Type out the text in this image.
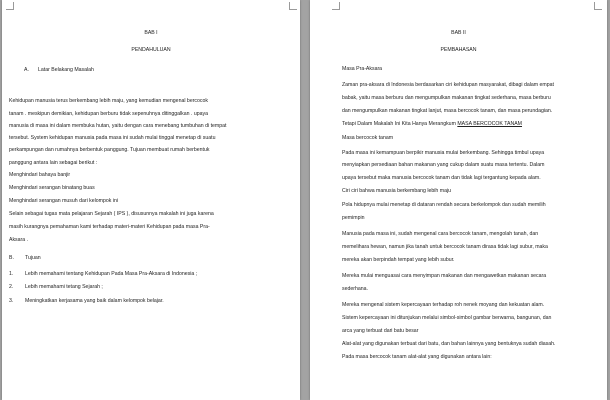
BAB I
PENDAHULUAN
A. Latar Belakang Masalah
Kehidupan manusia terus berkembang lebih maju, yang kemudian mengenal bercocok
tanam . meskipun demikian, kehidupan berburu tidak sepenuhnya ditinggalkan . upaya
manusia di masa ini dalam membuka hutan, yaitu dengan cara menebang tumbuhan di tempat
tersebut. System kehidupan manusia pada masa ini sudah mulai tinggal menetap di suatu
perkampungan dan rumahnya berbentuk panggung. Tujuan membuat rumah berbentuk
panggung antara lain sebagai berikut :
Menghindari bahaya banjir
Menghindari serangan binatang buas
Menghindari serangan musuh dari kelompok ini
Selain sebagai tugas mata pelajaran Sejarah ( IPS ), disusunnya makalah ini juga karena
masih kurangnya pemahaman kami terhadap materi-materi Kehidupan pada masa Pra-
Aksara .
B. Tujuan
1. Lebih memahami tentang Kehidupan Pada Masa Pra-Aksara di Indonesia ;
2. Lebih memahami tetang Sejarah ;
3. Meningkatkan kerjasama yang baik dalam kelompok belajar.
BAB II
PEMBAHASAN
Masa Pra-Aksara
Zaman pra-aksara di Indonesia berdasarkan ciri kehidupan masyarakat, dibagi dalam empat
babak, yaitu masa berburu dan mengumpulkan makanan tingkat sederhana, masa berburu
dan mengumpulkan makanan tingkat lanjut, masa bercocok tanam, dan masa perundagian.
Tetapi Dalam Makalah Ini Kita Hanya Merangkum MASA BERCOCOK TANAM
Masa bercocok tanam
Pada masa ini kemampuan berpikir manusia mulai berkembang. Sehingga timbul upaya
menyiapkan persediaan bahan makanan yang cukup dalam suatu masa tertentu. Dalam
upaya tersebut maka manusia bercocok tanam dan tidak lagi tergantung kepada alam.
Ciri ciri bahwa manusia berkembang lebih maju
Pola hidupnya mulai menetap di dataran rendah secara berkelompok dan sudah memilih
pemimpin
Manusia pada masa ini, sudah mengenal cara bercocok tanam, mengolah tanah, dan
memelihara hewan, namun jika tanah untuk bercocok tanam dirasa tidak lagi subur, maka
mereka akan berpindah tempat yang lebih subur.
Mereka mulai menguasai cara menyimpan makanan dan mengawetkan makanan secara
sederhana.
Mereka mengenal sistem kepercayaan terhadap roh nenek moyang dan kekuatan alam.
Sistem kepercayaan ini ditunjukan melalui simbol-simbol gambar berwarna, bangunan, dan
arca yang terbuat dari batu besar
Alat-alat yang digunakan terbuat dari batu, dan bahan lainnya yang bentuknya sudah diasah.
Pada masa bercocok tanam alat-alat yang digunakan antara lain:
